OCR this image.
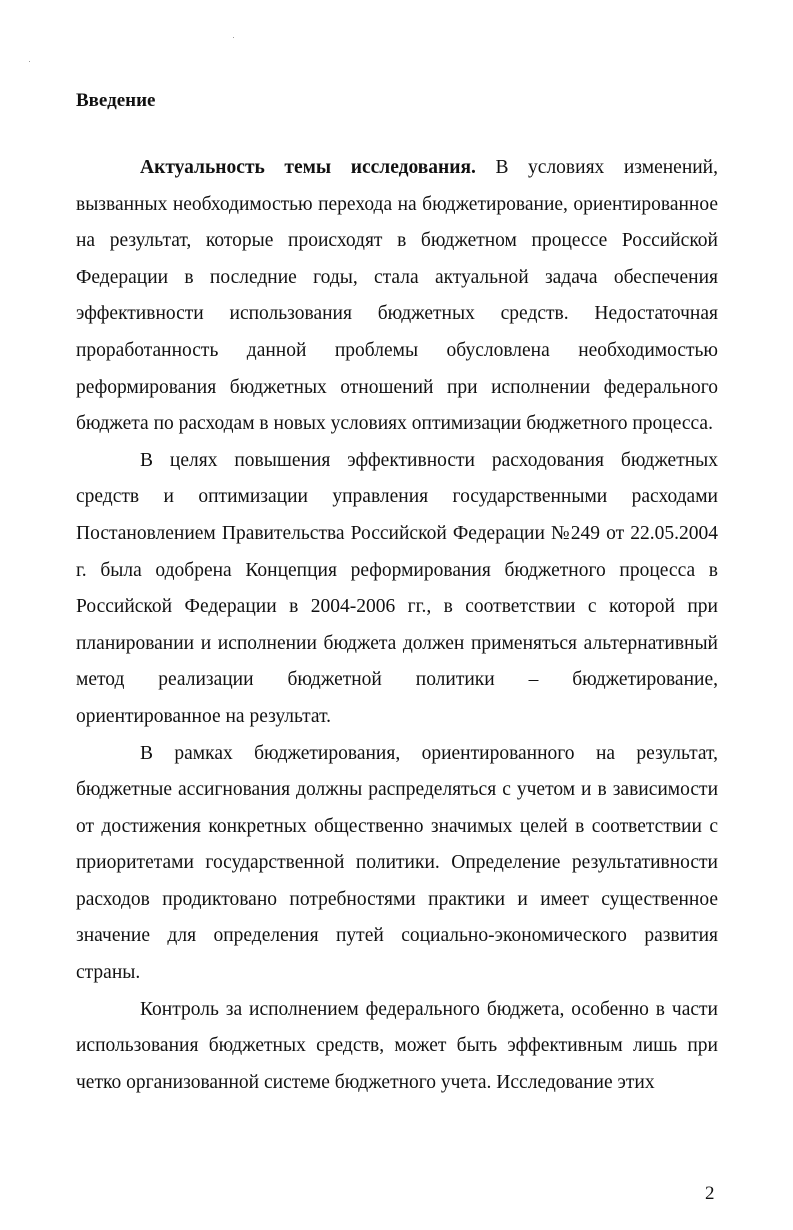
Введение

Актуальность темы исследования. В условиях изменений, вызванных необходимостью перехода на бюджетирование, ориентированное на результат, которые происходят в бюджетном процессе Российской Федерации в последние годы, стала актуальной задача обеспечения эффективности использования бюджетных средств. Недостаточная проработанность данной проблемы обусловлена необходимостью реформирования бюджетных отношений при исполнении федерального бюджета по расходам в новых условиях оптимизации бюджетного процесса.

В целях повышения эффективности расходования бюджетных средств и оптимизации управления государственными расходами Постановлением Правительства Российской Федерации №249 от 22.05.2004 г. была одобрена Концепция реформирования бюджетного процесса в Российской Федерации в 2004-2006 гг., в соответствии с которой при планировании и исполнении бюджета должен применяться альтернативный метод реализации бюджетной политики – бюджетирование, ориентированное на результат.

В рамках бюджетирования, ориентированного на результат, бюджетные ассигнования должны распределяться с учетом и в зависимости от достижения конкретных общественно значимых целей в соответствии с приоритетами государственной политики. Определение результативности расходов продиктовано потребностями практики и имеет существенное значение для определения путей социально-экономического развития страны.

Контроль за исполнением федерального бюджета, особенно в части использования бюджетных средств, может быть эффективным лишь при четко организованной системе бюджетного учета. Исследование этих

2
